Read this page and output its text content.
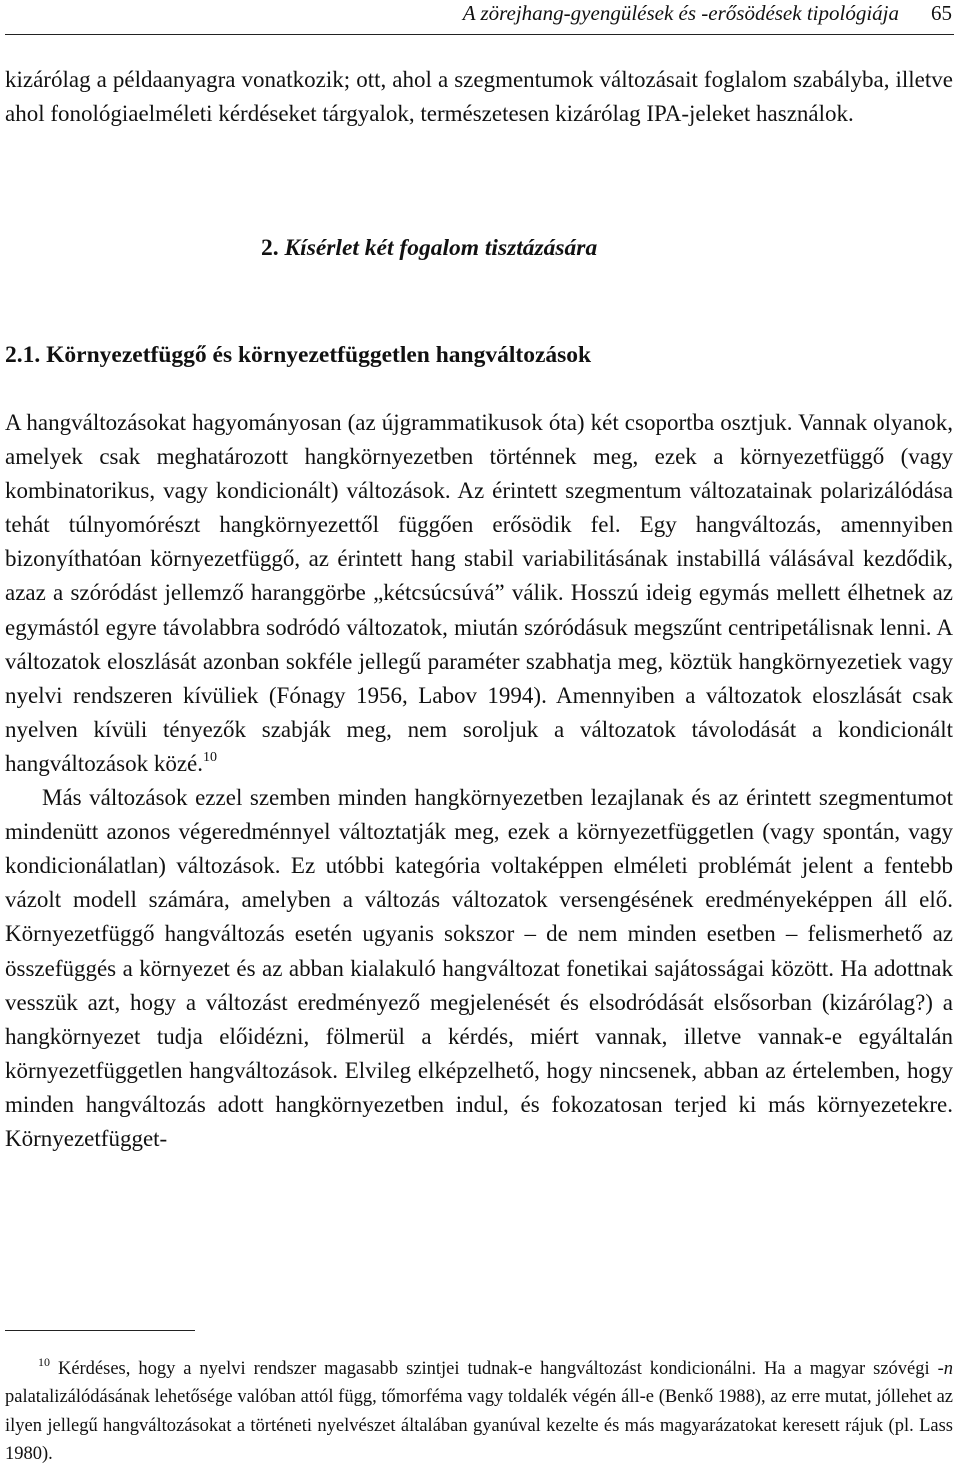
A zörejhang-gyengülések és -erősödések tipológiája 65

kizárólag a példaanyagra vonatkozik; ott, ahol a szegmentumok változásait foglalom szabályba, illetve ahol fonológiaelméleti kérdéseket tárgyalok, természetesen kizárólag IPA-jeleket használok.

2. Kísérlet két fogalom tisztázására
2.1. Környezetfüggő és környezetfüggetlen hangváltozások

A hangváltozásokat hagyományosan (az újgrammatikusok óta) két csoportba osztjuk. Vannak olyanok, amelyek csak meghatározott hangkörnyezetben történnek meg, ezek a környezetfüggő (vagy kombinatorikus, vagy kondicionált) változások. Az érintett szegmentum változatainak polarizálódása tehát túlnyomórészt hangkörnyezettől függően erősödik fel. Egy hangváltozás, amennyiben bizonyíthatóan környezetfüggő, az érintett hang stabil variabilitásának instabillá válásával kezdődik, azaz a szóródást jellemző haranggörbe „kétcsúcsúvá” válik. Hosszú ideig egymás mellett élhetnek az egymástól egyre távolabbra sodródó változatok, miután szóródásuk megszűnt centripetálisnak lenni. A változatok eloszlását azonban sokféle jellegű paraméter szabhatja meg, köztük hangkörnyezetiek vagy nyelvi rendszeren kívüliek (Fónagy 1956, Labov 1994). Amennyiben a változatok eloszlását csak nyelven kívüli tényezők szabják meg, nem soroljuk a változatok távolodását a kondicionált hangváltozások közé.$^{10}$

Más változások ezzel szemben minden hangkörnyezetben lezajlanak és az érintett szegmentumot mindenütt azonos végeredménnyel változtatják meg, ezek a környezetfüggetlen (vagy spontán, vagy kondicionálatlan) változások. Ez utóbbi kategória voltaképpen elméleti problémát jelent a fentebb vázolt modell számára, amelyben a változás változatok versengésének eredményeképpen áll elő. Környezetfüggő hangváltozás esetén ugyanis sokszor – de nem minden esetben – felismerhető az összefüggés a környezet és az abban kialakuló hangváltozat fonetikai sajátosságai között. Ha adottnak vesszük azt, hogy a változást eredményező megjelenését és elsodródását elsősorban (kizárólag?) a hangkörnyezet tudja előidézni, fölmerül a kérdés, miért vannak, illetve vannak-e egyáltalán környezetfüggetlen hangváltozások. Elvileg elképzelhető, hogy nincsenek, abban az értelemben, hogy minden hangváltozás adott hangkörnyezetben indul, és fokozatosan terjed ki más környezetekre. Környezetfügget-

$^{10}$ Kérdéses, hogy a nyelvi rendszer magasabb szintjei tudnak-e hangváltozást kondicionálni. Ha a magyar szóvégi -n palatalizálódásának lehetősége valóban attól függ, tőmorféma vagy toldalék végén áll-e (Benkő 1988), az erre mutat, jóllehet az ilyen jellegű hangváltozásokat a történeti nyelvészet általában gyanúval kezelte és más magyarázatokat keresett rájuk (pl. Lass 1980).
